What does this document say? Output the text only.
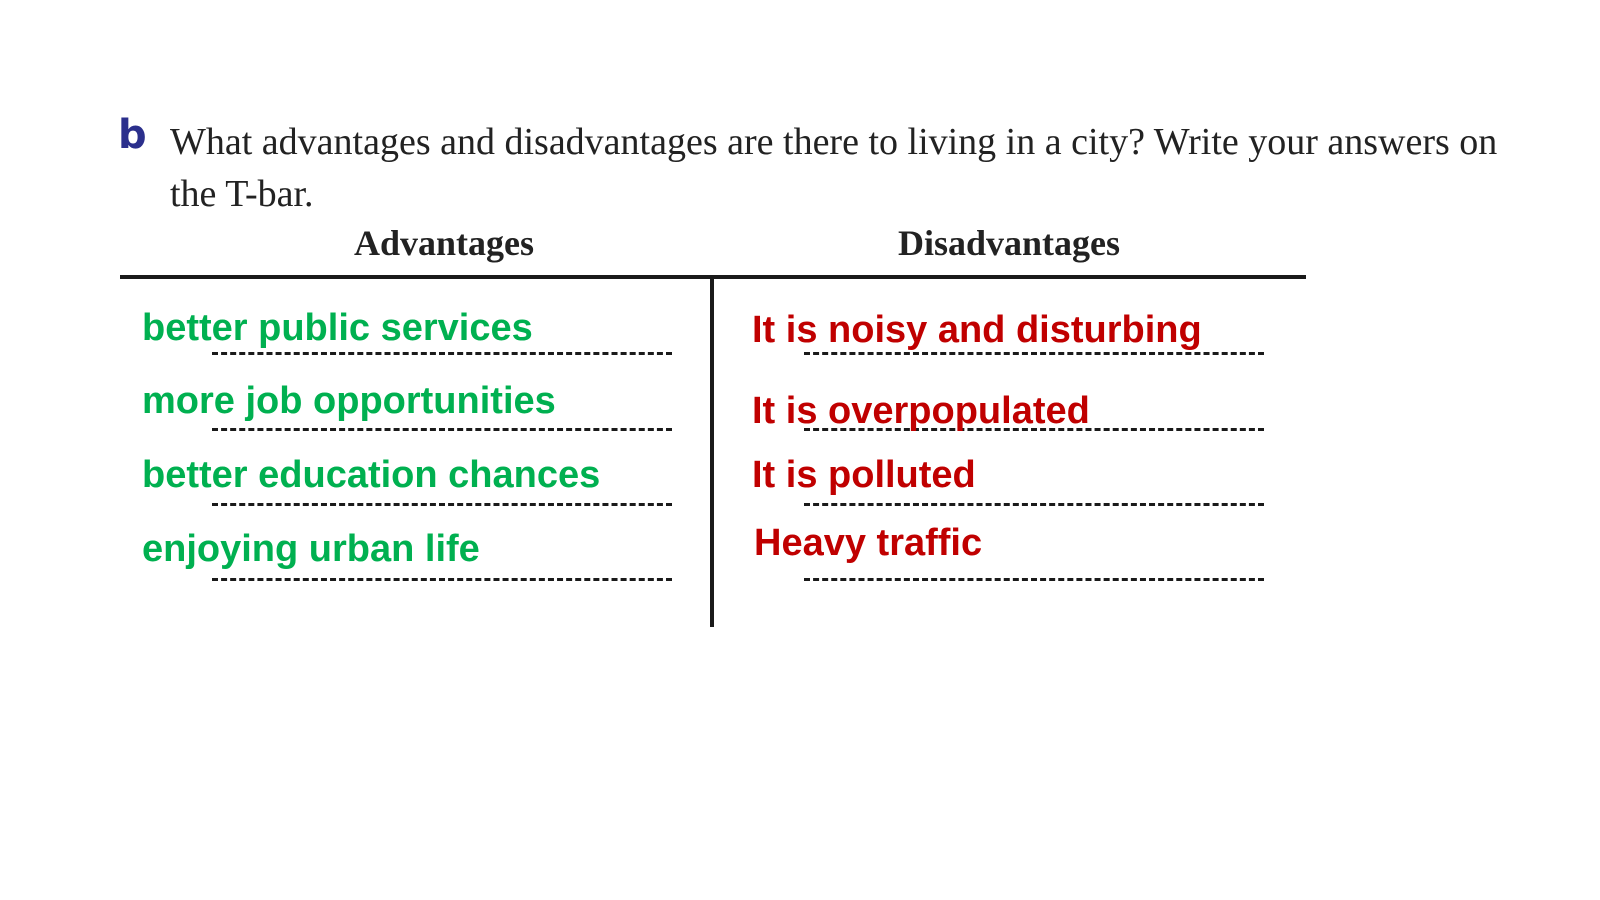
b What advantages and disadvantages are there to living in a city? Write your answers on the T-bar.
Advantages	Disadvantages
better public services
more job opportunities
better education chances
enjoying urban life
It is noisy and disturbing
It is overpopulated
It is polluted
Heavy traffic
